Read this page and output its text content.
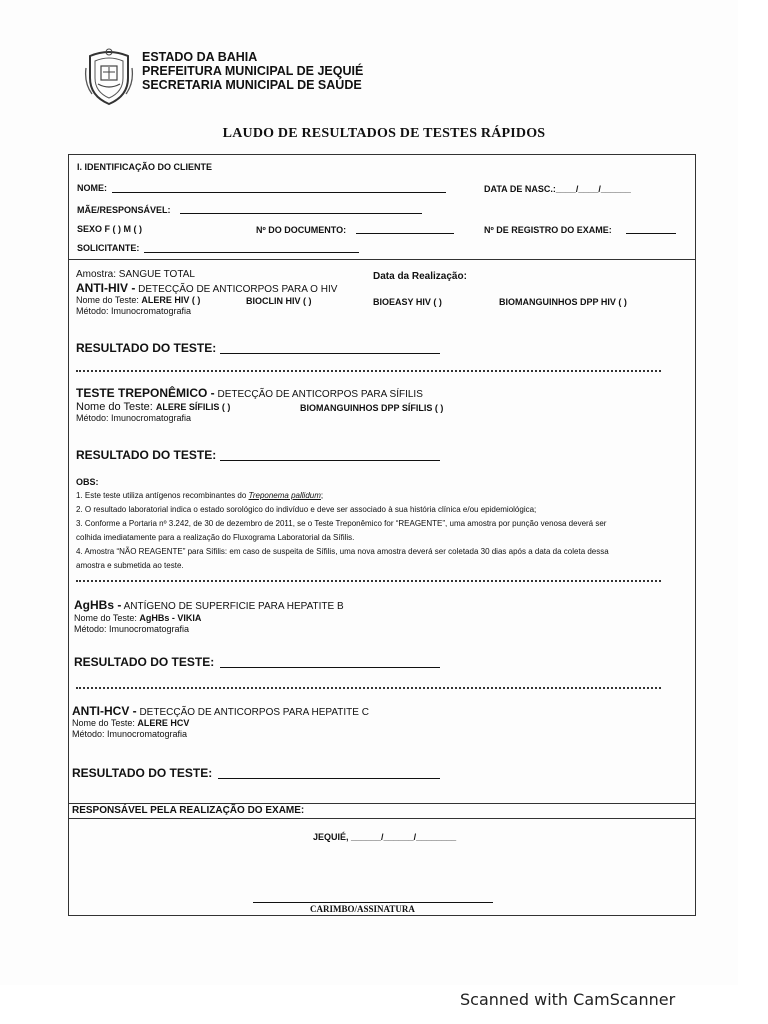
ESTADO DA BAHIA
PREFEITURA MUNICIPAL DE JEQUIÉ
SECRETARIA MUNICIPAL DE SAÚDE
LAUDO DE RESULTADOS DE TESTES RÁPIDOS
I. IDENTIFICAÇÃO DO CLIENTE
NOME:	DATA DE NASC.:____/____/______
MÃE/RESPONSÁVEL:
SEXO F ( ) M ( )	Nº DO DOCUMENTO:	Nº DE REGISTRO DO EXAME:
SOLICITANTE:
Amostra: SANGUE TOTAL	Data da Realização:
ANTI-HIV - DETECÇÃO DE ANTICORPOS PARA O HIV
Nome do Teste: ALERE HIV ( )	BIOCLIN HIV ( )	BIOEASY HIV ( )	BIOMANGUINHOS DPP HIV ( )
Método: Imunocromatografia
RESULTADO DO TESTE:
TESTE TREPONÊMICO - DETECÇÃO DE ANTICORPOS PARA SÍFILIS
Nome do Teste: ALERE SÍFILIS ( )	BIOMANGUINHOS DPP SÍFILIS ( )
Método: Imunocromatografia
RESULTADO DO TESTE:
OBS:
1. Este teste utiliza antígenos recombinantes do Treponema pallidum;
2. O resultado laboratorial indica o estado sorológico do indivíduo e deve ser associado à sua história clínica e/ou epidemiológica;
3. Conforme a Portaria nº 3.242, de 30 de dezembro de 2011, se o Teste Treponêmico for “REAGENTE”, uma amostra por punção venosa deverá ser
colhida imediatamente para a realização do Fluxograma Laboratorial da Sífilis.
4. Amostra “NÃO REAGENTE” para Sífilis: em caso de suspeita de Sífilis, uma nova amostra deverá ser coletada 30 dias após a data da coleta dessa
amostra e submetida ao teste.
AgHBs - ANTÍGENO DE SUPERFICIE PARA HEPATITE B
Nome do Teste: AgHBs - VIKIA
Método: Imunocromatografia
RESULTADO DO TESTE:
ANTI-HCV - DETECÇÃO DE ANTICORPOS PARA HEPATITE C
Nome do Teste: ALERE HCV
Método: Imunocromatografia
RESULTADO DO TESTE:
RESPONSÁVEL PELA REALIZAÇÃO DO EXAME:
JEQUIÉ, ______/______/________
CARIMBO/ASSINATURA
Scanned with CamScanner
